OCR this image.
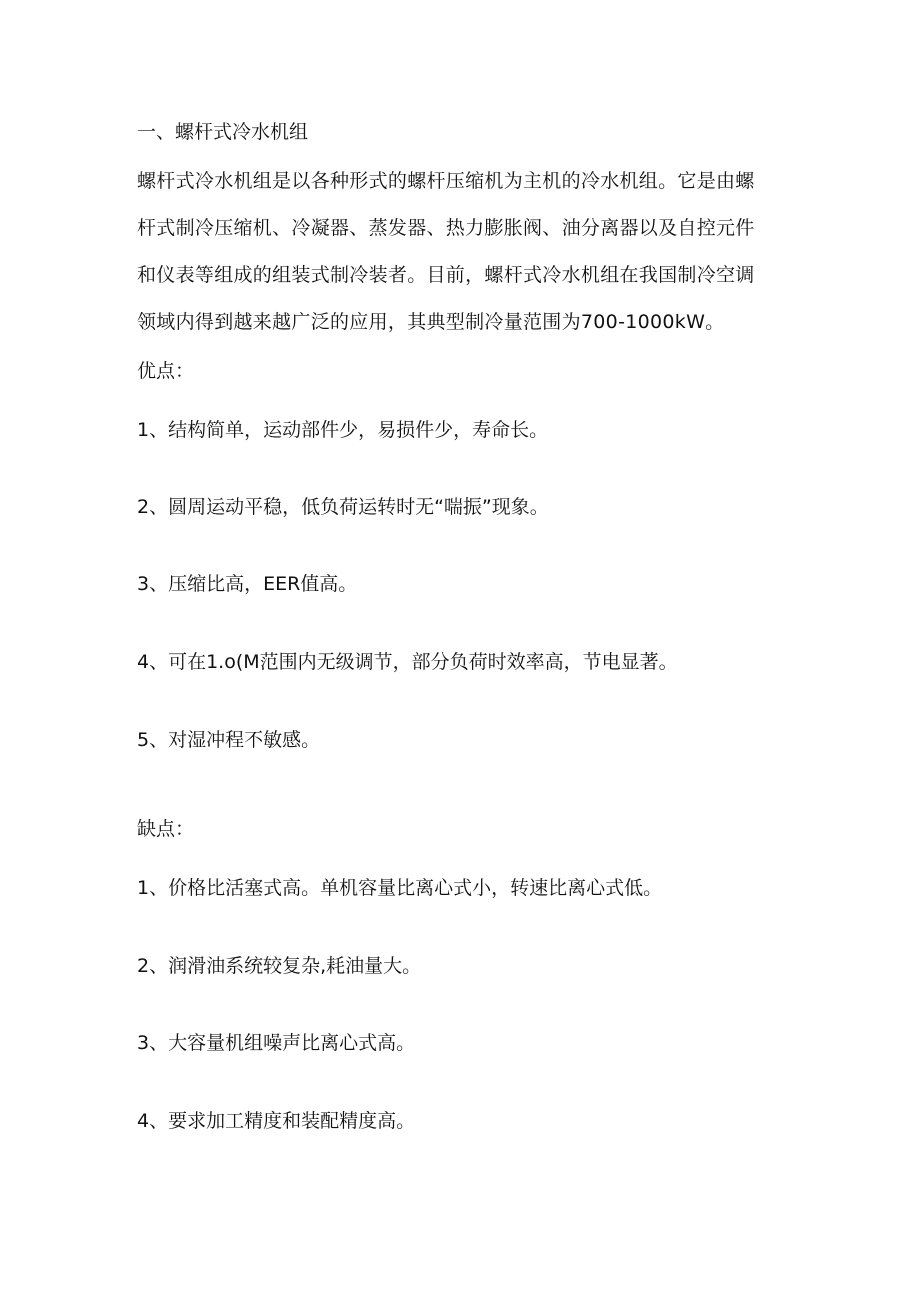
一、螺杆式冷水机组

螺杆式冷水机组是以各种形式的螺杆压缩机为主机的冷水机组。它是由螺

杆式制冷压缩机、冷凝器、蒸发器、热力膨胀阀、油分离器以及自控元件

和仪表等组成的组装式制冷装者。目前，螺杆式冷水机组在我国制冷空调

领域内得到越来越广泛的应用，其典型制冷量范围为700-1000kW。

优点：

1、结构简单，运动部件少，易损件少，寿命长。

2、圆周运动平稳，低负荷运转时无“喘振”现象。

3、压缩比高，EER值高。

4、可在1.o(M范围内无级调节，部分负荷时效率高，节电显著。

5、对湿冲程不敏感。

缺点：

1、价格比活塞式高。单机容量比离心式小，转速比离心式低。

2、润滑油系统较复杂,耗油量大。

3、大容量机组噪声比离心式高。

4、要求加工精度和装配精度高。
